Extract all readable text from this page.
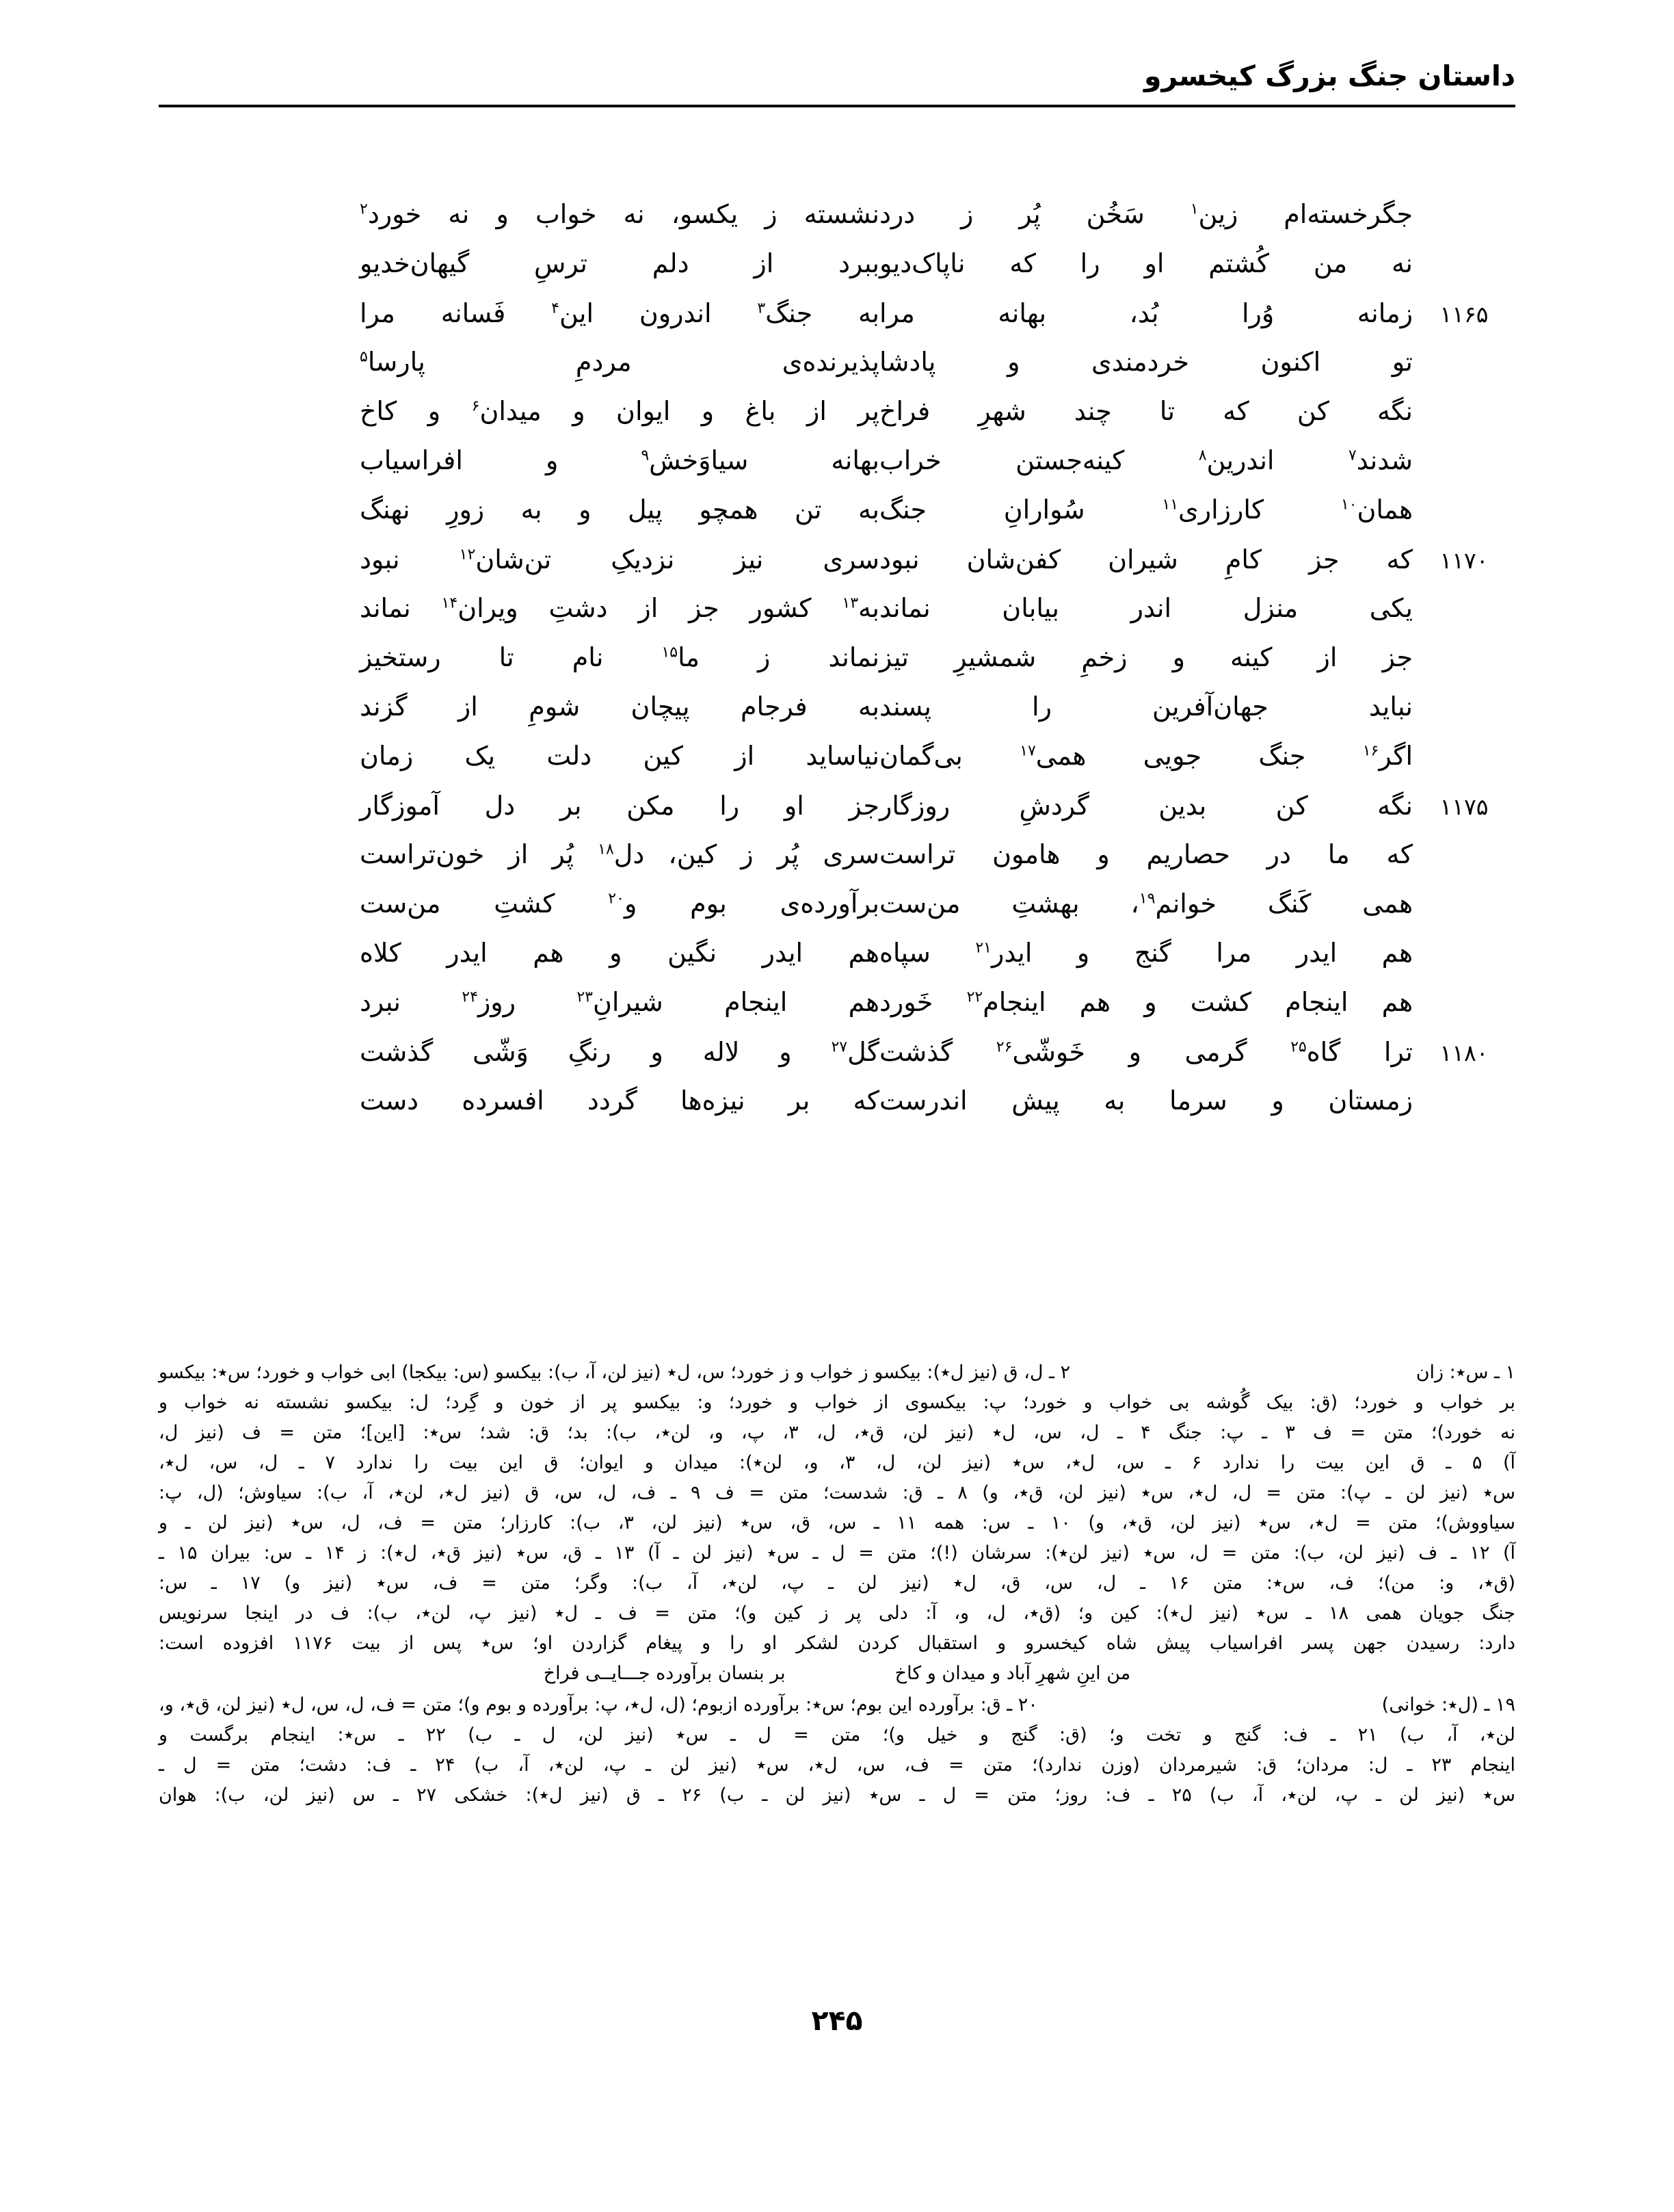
داستان جنگ بزرگ کیخسرو
جگرخسته‌ام زین$^۱$ سَخُن پُر ز درد
نشسته ز یکسو، نه خواب و نه خورد$^۲$
نه من کُشتم او را که ناپاک‌دیو
ببرد از دلم ترسِ گیهان‌خدیو
۱۱۶۵
زمانه وُرا بُد، بهانه مرا
به جنگ$^۳$ اندرون این$^۴$ فَسانه مرا
تو اکنون خردمندی و پادشا
پذیرنده‌ی مردمِ پارسا$^۵$
نگه کن که تا چند شهرِ فراخ
پر از باغ و ایوان و میدان$^۶$ و کاخ
شدند$^۷$ اندرین$^۸$ کینه‌جستن خراب
بهانه سیاوَخش$^۹$ و افراسیاب
همان$^{۱۰}$ کارزاری$^{۱۱}$ سُوارانِ جنگ
به تن همچو پیل و به زورِ نهنگ
۱۱۷۰
که جز کامِ شیران کفن‌شان نبود
سری نیز نزدیکِ تن‌شان$^{۱۲}$ نبود
یکی منزل اندر بیابان نماند
به$^{۱۳}$ کشور جز از دشتِ ویران$^{۱۴}$ نماند
جز از کینه و زخمِ شمشیرِ تیز
نماند ز ما$^{۱۵}$ نام تا رستخیز
نباید جهان‌آفرین را پسند
به فرجام پیچان شومِ از گزند
اگر$^{۱۶}$ جنگ جویی همی$^{۱۷}$ بی‌گمان
نیاساید از کین دلت یک زمان
۱۱۷۵
نگه کن بدین گردشِ روزگار
جز او را مکن بر دل آموزگار
که ما در حصاریم و هامون تراست
سری پُر ز کین، دل$^{۱۸}$ پُر از خون‌تراست
همی کَنگ خوانم$^{۱۹}$، بهشتِ من‌ست
برآورده‌ی بوم و$^{۲۰}$ کشتِ من‌ست
هم ایدر مرا گنج و ایدر$^{۲۱}$ سپاه
هم ایدر نگین و هم ایدر کلاه
هم اینجام کشت و هم اینجام$^{۲۲}$ خَورد
هم اینجام شیرانِ$^{۲۳}$ روز$^{۲۴}$ نبرد
۱۱۸۰
ترا گاه$^{۲۵}$ گرمی و خَوشّی$^{۲۶}$ گذشت
گل$^{۲۷}$ و لاله و رنگِ وَشّی گذشت
زمستان و سرما به پیش اندرست
که بر نیزه‌ها گردد افسرده دست
۱ ـ س٭: زان
۲ ـ ل، ق (نیز ل٭): بیکسو ز خواب و ز خورد؛ س، ل٭ (نیز لن، آ، ب): بیکسو (س: بیکجا) ابی خواب و خورد؛ س٭: بیکسو
بر خواب و خورد؛ (ق: بیک گُوشه بی خواب و خورد؛ پ: بیکسوی از خواب و خورد؛ و: بیکسو پر از خون و گِرد؛ ل: بیکسو نشسته نه خواب و
نه خورد)؛ متن = ف ۳ ـ پ: جنگ ۴ ـ ل، س، ل٭ (نیز لن، ق٭، ل، ٣، پ، و، لن٭، ب): بد؛ ق: شد؛ س٭: [این]؛ متن = ف (نیز ل،
آ) ۵ ـ ق این بیت را ندارد ۶ ـ س، ل٭، س٭ (نیز لن، ل، ٣، و، لن٭): میدان و ایوان؛ ق این بیت را ندارد ۷ ـ ل، س، ل٭،
س٭ (نیز لن ـ پ): متن = ل، ل٭، س٭ (نیز لن، ق٭، و) ۸ ـ ق: شدست؛ متن = ف ۹ ـ ف، ل، س، ق (نیز ل٭، لن٭، آ، ب): سیاوش؛ (ل، پ:
سیاووش)؛ متن = ل٭، س٭ (نیز لن، ق٭، و) ۱۰ ـ س: همه ۱۱ ـ س، ق، س٭ (نیز لن، ٣، ب): کارزار؛ متن = ف، ل، س٭ (نیز لن ـ و
آ) ۱۲ ـ ف (نیز لن، ب): متن = ل، س٭ (نیز لن٭): سرشان (!)؛ متن = ل ـ س٭ (نیز لن ـ آ) ۱۳ ـ ق، س٭ (نیز ق٭، ل٭): ز ۱۴ ـ س: بیران ۱۵ ـ
(ق٭، و: من)؛ ف، س٭: متن ۱۶ ـ ل، س، ق، ل٭ (نیز لن ـ پ، لن٭، آ، ب): وگر؛ متن = ف، س٭ (نیز و) ۱۷ ـ س:
جنگ جویان همی ۱۸ ـ س٭ (نیز ل٭): کین و؛ (ق٭، ل، و، آ: دلی پر ز کین و)؛ متن = ف ـ ل٭ (نیز پ، لن٭، ب): ف در اینجا سرنویس
دارد: رسیدن جهن پسر افراسیاب پیش شاه کیخسرو و استقبال کردن لشکر او را و پیغام گزاردن او؛ س٭ پس از بیت ۱۱۷۶ افزوده است:
من اینِ شهرِ آباد و میدان و کاخ
بر بنسان برآورده جـــایــی فراخ
۱۹ ـ (ل٭: خوانی)
۲۰ ـ ق: برآورده این بوم؛ س٭: برآورده ازبوم؛ (ل، ل٭، پ: برآورده و بوم و)؛ متن = ف، ل، س، ل٭ (نیز لن، ق٭، و،
لن٭، آ، ب) ۲۱ ـ ف: گنج و تخت و؛ (ق: گنج و خیل و)؛ متن = ل ـ س٭ (نیز لن، ل ـ ب) ۲۲ ـ س٭: اینجام برگست و
اینجام ۲۳ ـ ل: مردان؛ ق: شیرمردان (وزن ندارد)؛ متن = ف، س، ل٭، س٭ (نیز لن ـ پ، لن٭، آ، ب) ۲۴ ـ ف: دشت؛ متن = ل ـ
س٭ (نیز لن ـ پ، لن٭، آ، ب) ۲۵ ـ ف: روز؛ متن = ل ـ س٭ (نیز لن ـ ب) ۲۶ ـ ق (نیز ل٭): خشکی ۲۷ ـ س (نیز لن، ب): هوان
۲۴۵
